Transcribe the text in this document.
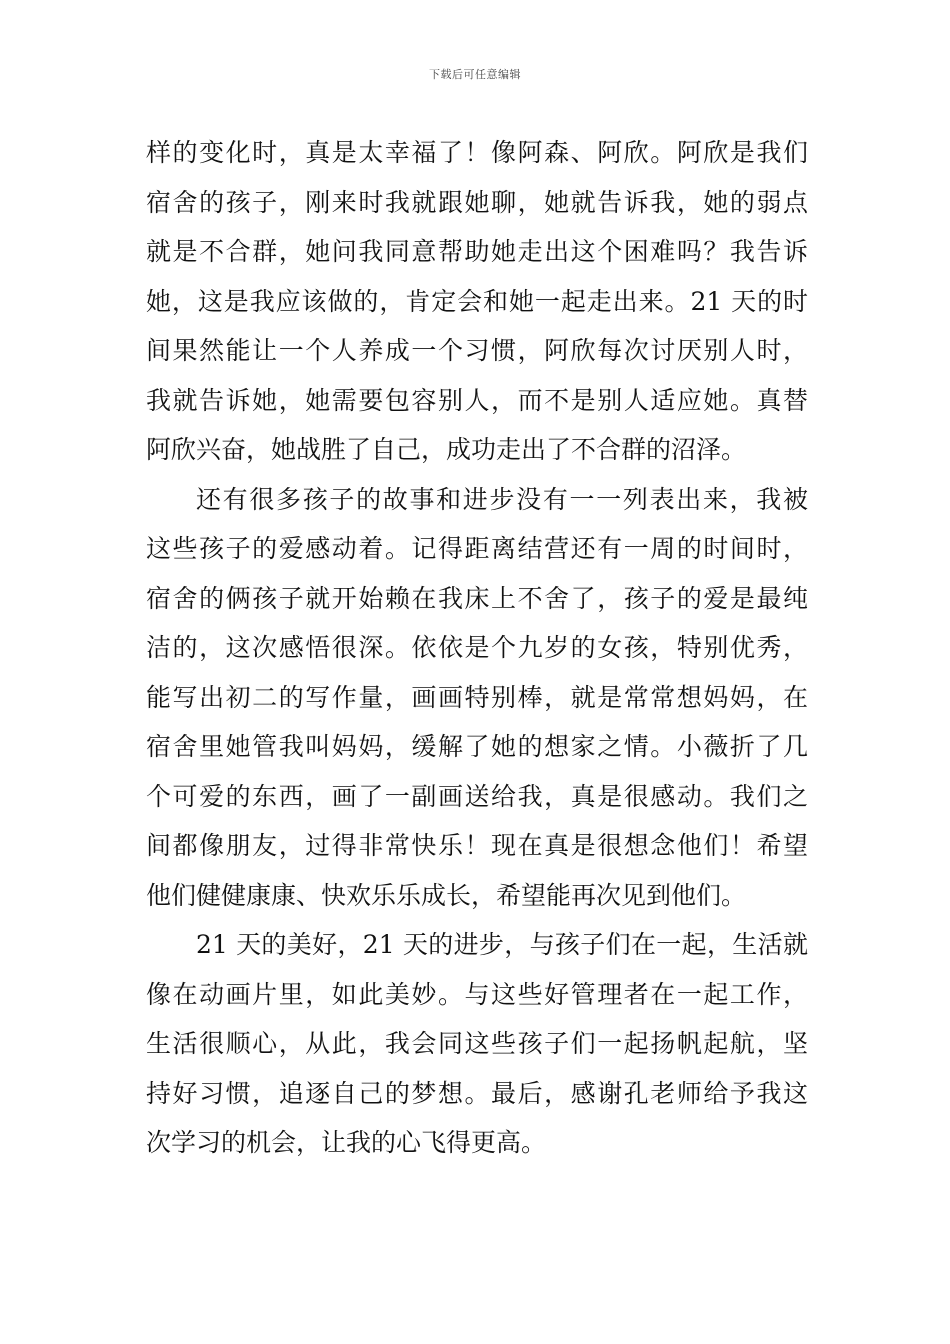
下载后可任意编辑
样的变化时，真是太幸福了！像阿森、阿欣。阿欣是我们
宿舍的孩子，刚来时我就跟她聊，她就告诉我，她的弱点
就是不合群，她问我同意帮助她走出这个困难吗？我告诉
她，这是我应该做的，肯定会和她一起走出来。21 天的时
间果然能让一个人养成一个习惯，阿欣每次讨厌别人时，
我就告诉她，她需要包容别人，而不是别人适应她。真替
阿欣兴奋，她战胜了自己，成功走出了不合群的沼泽。
还有很多孩子的故事和进步没有一一列表出来，我被
这些孩子的爱感动着。记得距离结营还有一周的时间时，
宿舍的俩孩子就开始赖在我床上不舍了，孩子的爱是最纯
洁的，这次感悟很深。依依是个九岁的女孩，特别优秀，
能写出初二的写作量，画画特别棒，就是常常想妈妈，在
宿舍里她管我叫妈妈，缓解了她的想家之情。小薇折了几
个可爱的东西，画了一副画送给我，真是很感动。我们之
间都像朋友，过得非常快乐！现在真是很想念他们！希望
他们健健康康、快欢乐乐成长，希望能再次见到他们。
21 天的美好，21 天的进步，与孩子们在一起，生活就
像在动画片里，如此美妙。与这些好管理者在一起工作，
生活很顺心，从此，我会同这些孩子们一起扬帆起航，坚
持好习惯，追逐自己的梦想。最后，感谢孔老师给予我这
次学习的机会，让我的心飞得更高。
